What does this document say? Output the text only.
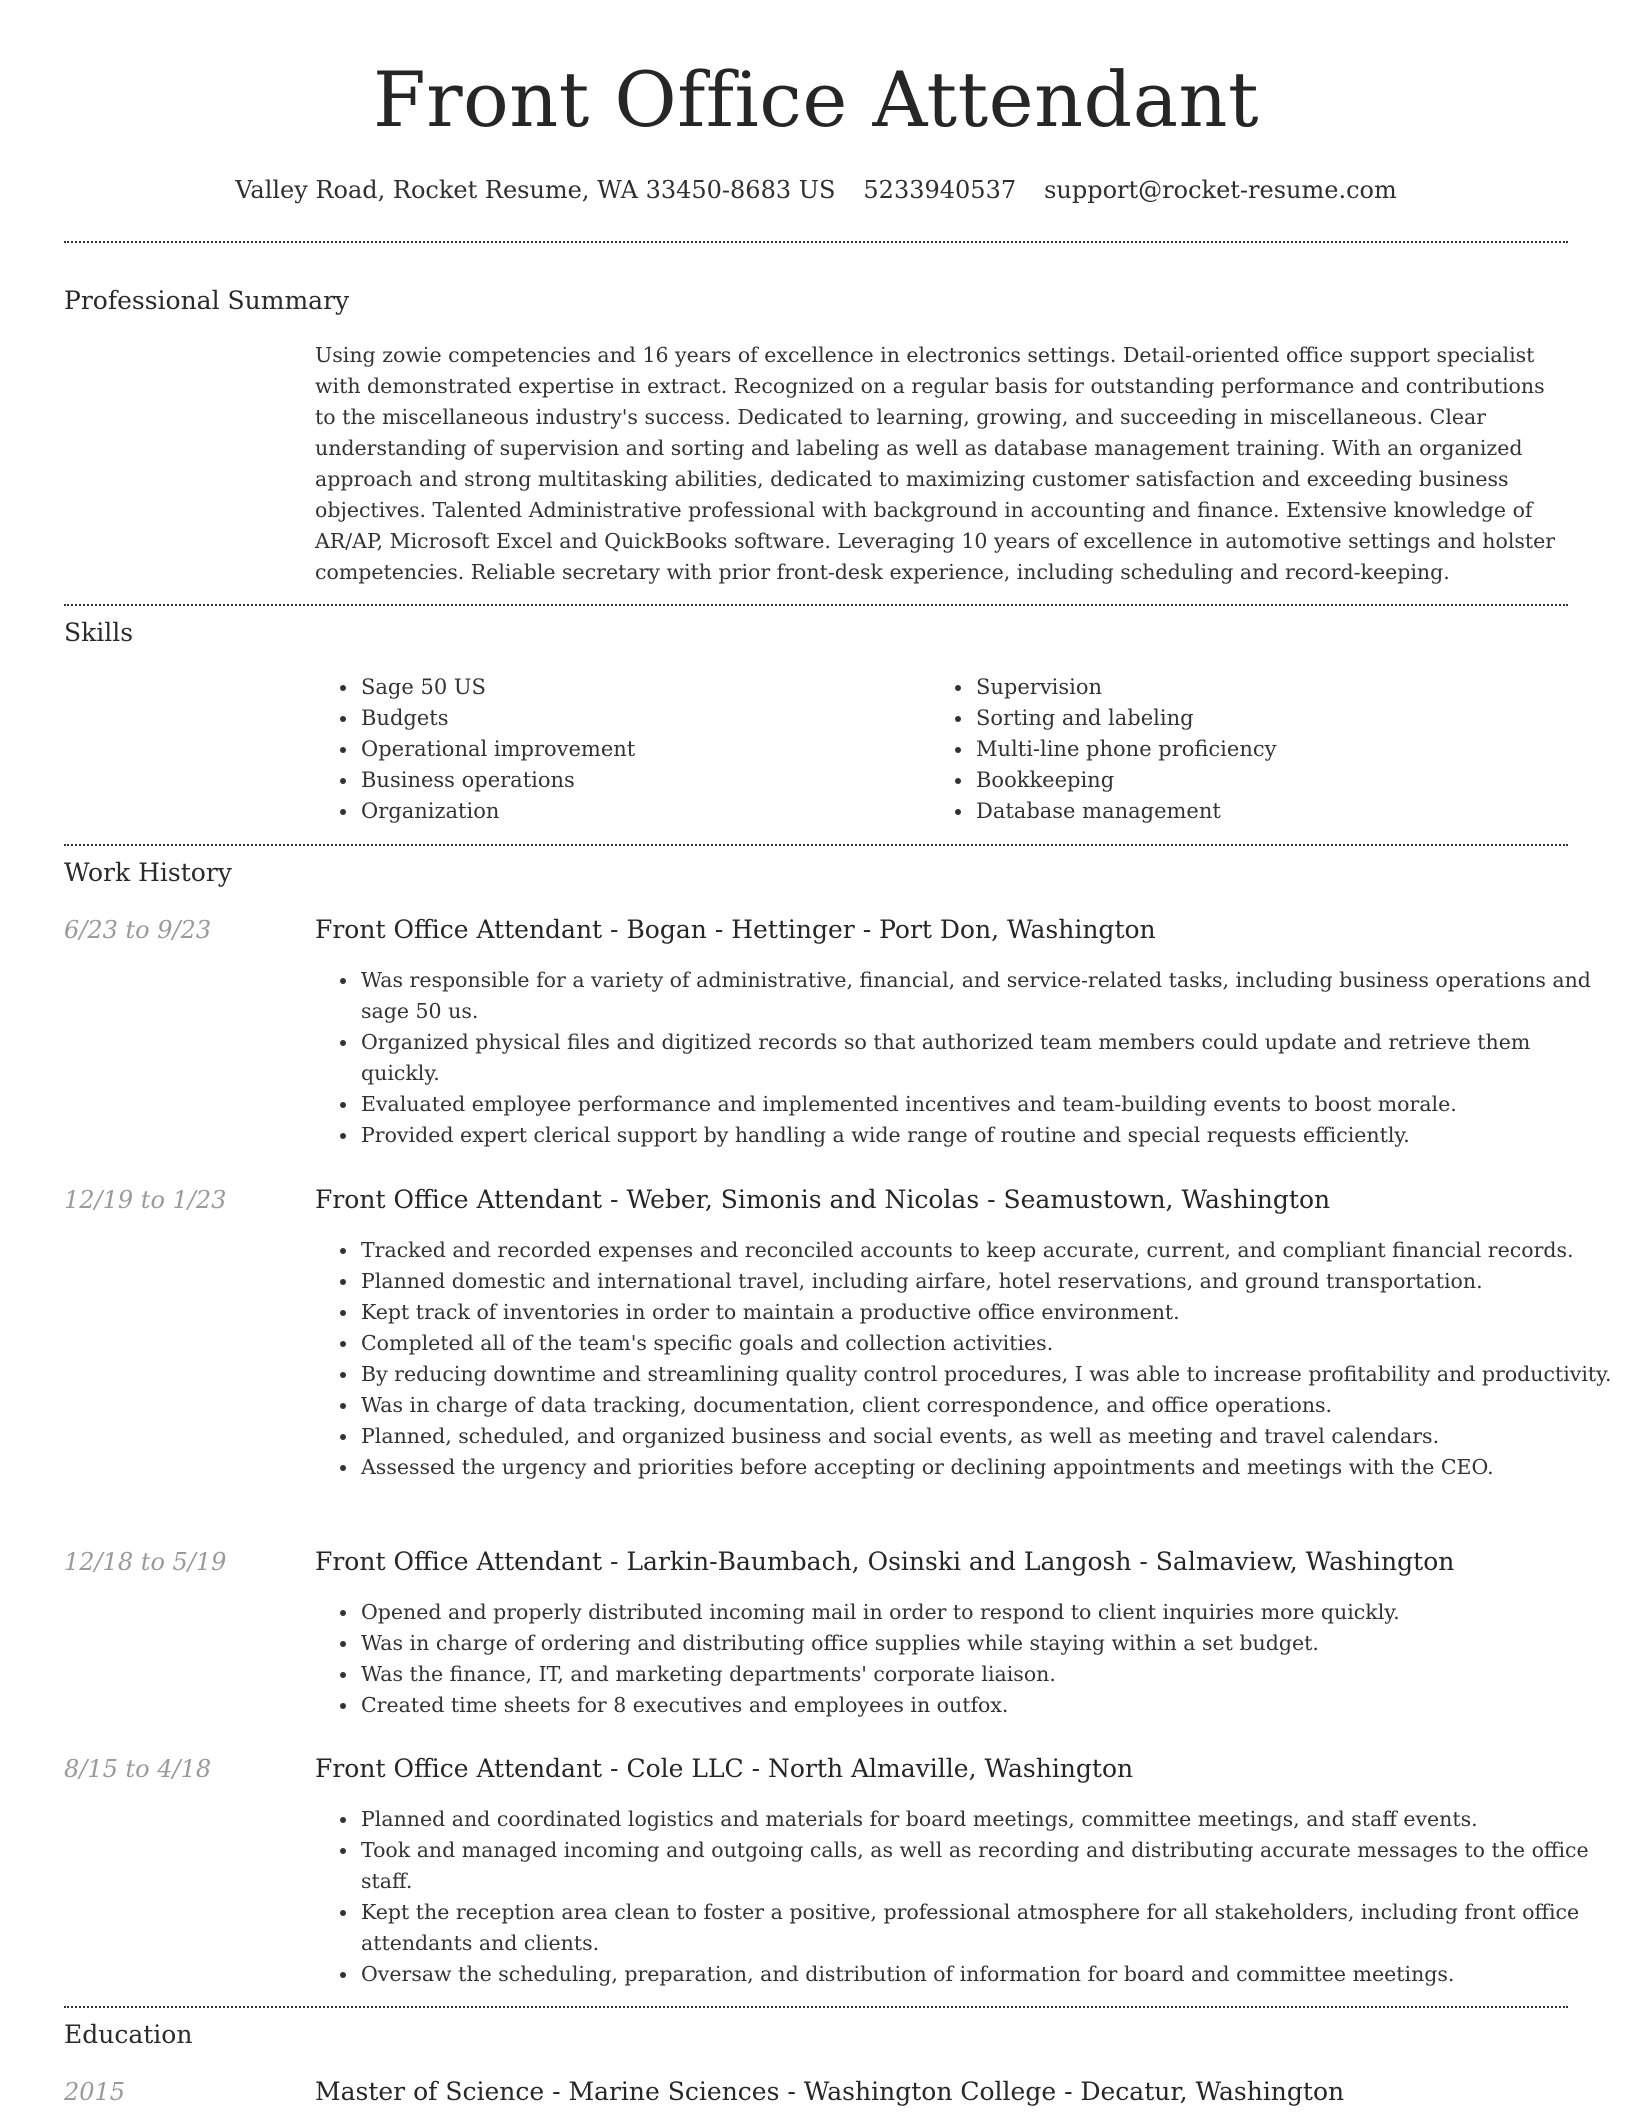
Front Office Attendant
Valley Road, Rocket Resume, WA 33450-8683 US 5233940537 support@rocket-resume.com
Professional Summary

Using zowie competencies and 16 years of excellence in electronics settings. Detail-oriented office support specialist with demonstrated expertise in extract. Recognized on a regular basis for outstanding performance and contributions to the miscellaneous industry's success. Dedicated to learning, growing, and succeeding in miscellaneous. Clear understanding of supervision and sorting and labeling as well as database management training. With an organized approach and strong multitasking abilities, dedicated to maximizing customer satisfaction and exceeding business objectives. Talented Administrative professional with background in accounting and finance. Extensive knowledge of AR/AP, Microsoft Excel and QuickBooks software. Leveraging 10 years of excellence in automotive settings and holster competencies. Reliable secretary with prior front-desk experience, including scheduling and record-keeping.

Skills
• Sage 50 US
• Budgets
• Operational improvement
• Business operations
• Organization
• Supervision
• Sorting and labeling
• Multi-line phone proficiency
• Bookkeeping
• Database management
Work History
6/23 to 9/23	Front Office Attendant - Bogan - Hettinger - Port Don, Washington
• Was responsible for a variety of administrative, financial, and service-related tasks, including business operations and sage 50 us.
• Organized physical files and digitized records so that authorized team members could update and retrieve them quickly.
• Evaluated employee performance and implemented incentives and team-building events to boost morale.
• Provided expert clerical support by handling a wide range of routine and special requests efficiently.
12/19 to 1/23	Front Office Attendant - Weber, Simonis and Nicolas - Seamustown, Washington
• Tracked and recorded expenses and reconciled accounts to keep accurate, current, and compliant financial records.
• Planned domestic and international travel, including airfare, hotel reservations, and ground transportation.
• Kept track of inventories in order to maintain a productive office environment.
• Completed all of the team's specific goals and collection activities.
• By reducing downtime and streamlining quality control procedures, I was able to increase profitability and productivity.
• Was in charge of data tracking, documentation, client correspondence, and office operations.
• Planned, scheduled, and organized business and social events, as well as meeting and travel calendars.
• Assessed the urgency and priorities before accepting or declining appointments and meetings with the CEO.
12/18 to 5/19	Front Office Attendant - Larkin-Baumbach, Osinski and Langosh - Salmaview, Washington
• Opened and properly distributed incoming mail in order to respond to client inquiries more quickly.
• Was in charge of ordering and distributing office supplies while staying within a set budget.
• Was the finance, IT, and marketing departments' corporate liaison.
• Created time sheets for 8 executives and employees in outfox.
8/15 to 4/18	Front Office Attendant - Cole LLC - North Almaville, Washington
• Planned and coordinated logistics and materials for board meetings, committee meetings, and staff events.
• Took and managed incoming and outgoing calls, as well as recording and distributing accurate messages to the office staff.
• Kept the reception area clean to foster a positive, professional atmosphere for all stakeholders, including front office attendants and clients.
• Oversaw the scheduling, preparation, and distribution of information for board and committee meetings.
Education
2015	Master of Science - Marine Sciences - Washington College - Decatur, Washington
